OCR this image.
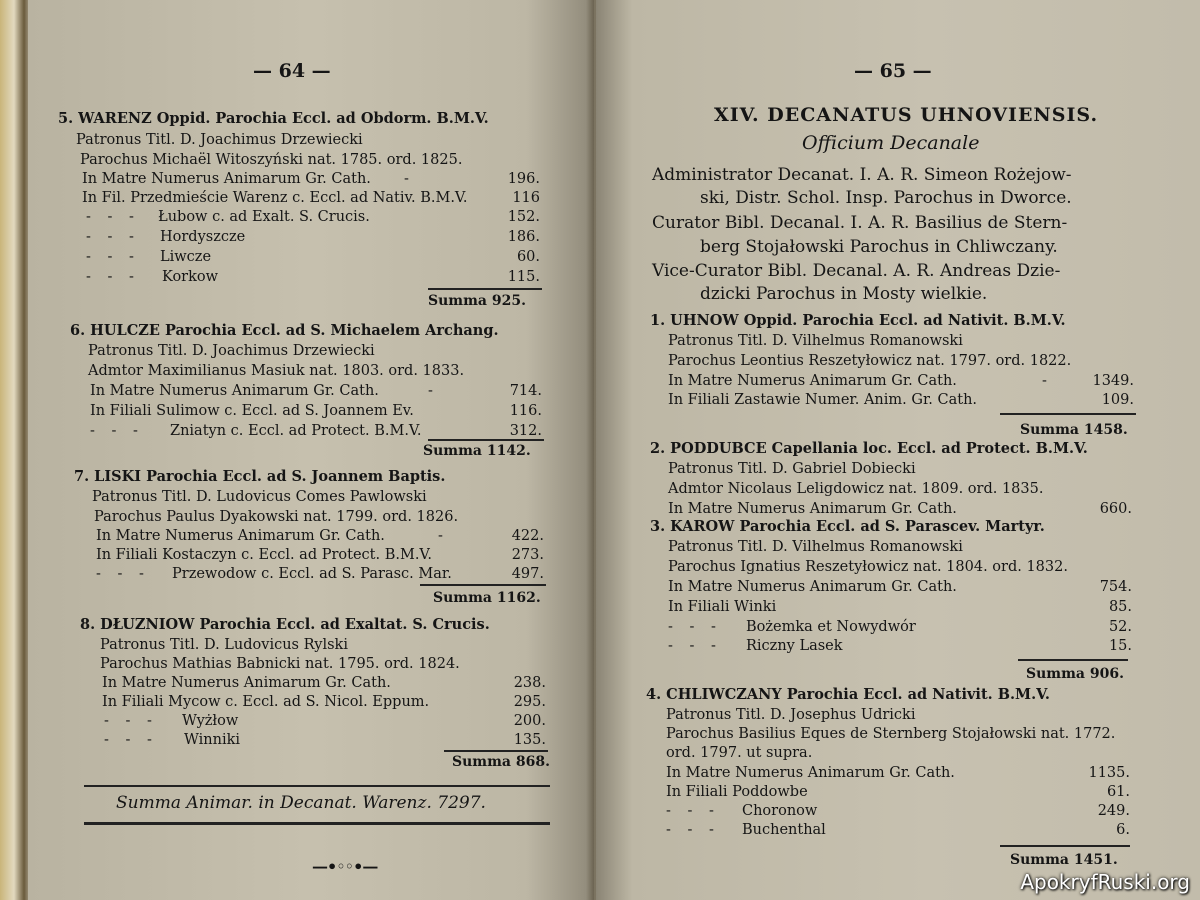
— 64 —
5. WARENZ Oppid. Parochia Eccl. ad Obdorm. B.M.V.
Patronus Titl. D. Joachimus Drzewiecki
Parochus Michaël Witoszyński nat. 1785. ord. 1825.
In Matre Numerus Animarum Gr. Cath. -	196.
In Fil. Przedmieście Warenz c. Eccl. ad Nativ. B.M.V.	116
- - - Łubow c. ad Exalt. S. Crucis.	152.
- - - Hordyszcze	186.
- - - Liwcze	60.
- - - Korkow	115.
Summa 925.
6. HULCZE Parochia Eccl. ad S. Michaelem Archang.
Patronus Titl. D. Joachimus Drzewiecki
Admtor Maximilianus Masiuk nat. 1803. ord. 1833.
In Matre Numerus Animarum Gr. Cath.	-	714.
In Filiali Sulimow c. Eccl. ad S. Joannem Ev.	116.
- - - Zniatyn c. Eccl. ad Protect. B.M.V.	312.
Summa 1142.
7. LISKI Parochia Eccl. ad S. Joannem Baptis.
Patronus Titl. D. Ludovicus Comes Pawlowski
Parochus Paulus Dyakowski nat. 1799. ord. 1826.
In Matre Numerus Animarum Gr. Cath.	-	422.
In Filiali Kostaczyn c. Eccl. ad Protect. B.M.V.	273.
- - - Przewodow c. Eccl. ad S. Parasc. Mar.	497.
Summa 1162.
8. DŁUZNIOW Parochia Eccl. ad Exaltat. S. Crucis.
Patronus Titl. D. Ludovicus Rylski
Parochus Mathias Babnicki nat. 1795. ord. 1824.
In Matre Numerus Animarum Gr. Cath.	238.
In Filiali Mycow c. Eccl. ad S. Nicol. Eppum.	295.
- - - Wyżłow	200.
- - - Winniki	135.
Summa 868.
Summa Animar. in Decanat. Warenz. 7297.
—•◦◦•—
— 65 —
XIV. DECANATUS UHNOVIENSIS.
Officium Decanale
Administrator Decanat. I. A. R. Simeon Rożejow-
ski, Distr. Schol. Insp. Parochus in Dworce.
Curator Bibl. Decanal. I. A. R. Basilius de Stern-
berg Stojałowski Parochus in Chliwczany.
Vice-Curator Bibl. Decanal. A. R. Andreas Dzie-
dzicki Parochus in Mosty wielkie.
1. UHNOW Oppid. Parochia Eccl. ad Nativit. B.M.V.
Patronus Titl. D. Vilhelmus Romanowski
Parochus Leontius Reszetyłowicz nat. 1797. ord. 1822.
In Matre Numerus Animarum Gr. Cath.	-	1349.
In Filiali Zastawie Numer. Anim. Gr. Cath.	109.
Summa 1458.
2. PODDUBCE Capellania loc. Eccl. ad Protect. B.M.V.
Patronus Titl. D. Gabriel Dobiecki
Admtor Nicolaus Leligdowicz nat. 1809. ord. 1835.
In Matre Numerus Animarum Gr. Cath.	660.
3. KAROW Parochia Eccl. ad S. Parascev. Martyr.
Patronus Titl. D. Vilhelmus Romanowski
Parochus Ignatius Reszetyłowicz nat. 1804. ord. 1832.
In Matre Numerus Animarum Gr. Cath.	754.
In Filiali Winki	85.
- - - Bożemka et Nowydwór	52.
- - - Riczny Lasek	15.
Summa 906.
4. CHLIWCZANY Parochia Eccl. ad Nativit. B.M.V.
Patronus Titl. D. Josephus Udricki
Parochus Basilius Eques de Sternberg Stojałowski nat. 1772.
ord. 1797. ut supra.
In Matre Numerus Animarum Gr. Cath.	1135.
In Filiali Poddowbe	61.
- - - Choronow	249.
- - - Buchenthal	6.
Summa 1451.
ApokryfRuski.org
